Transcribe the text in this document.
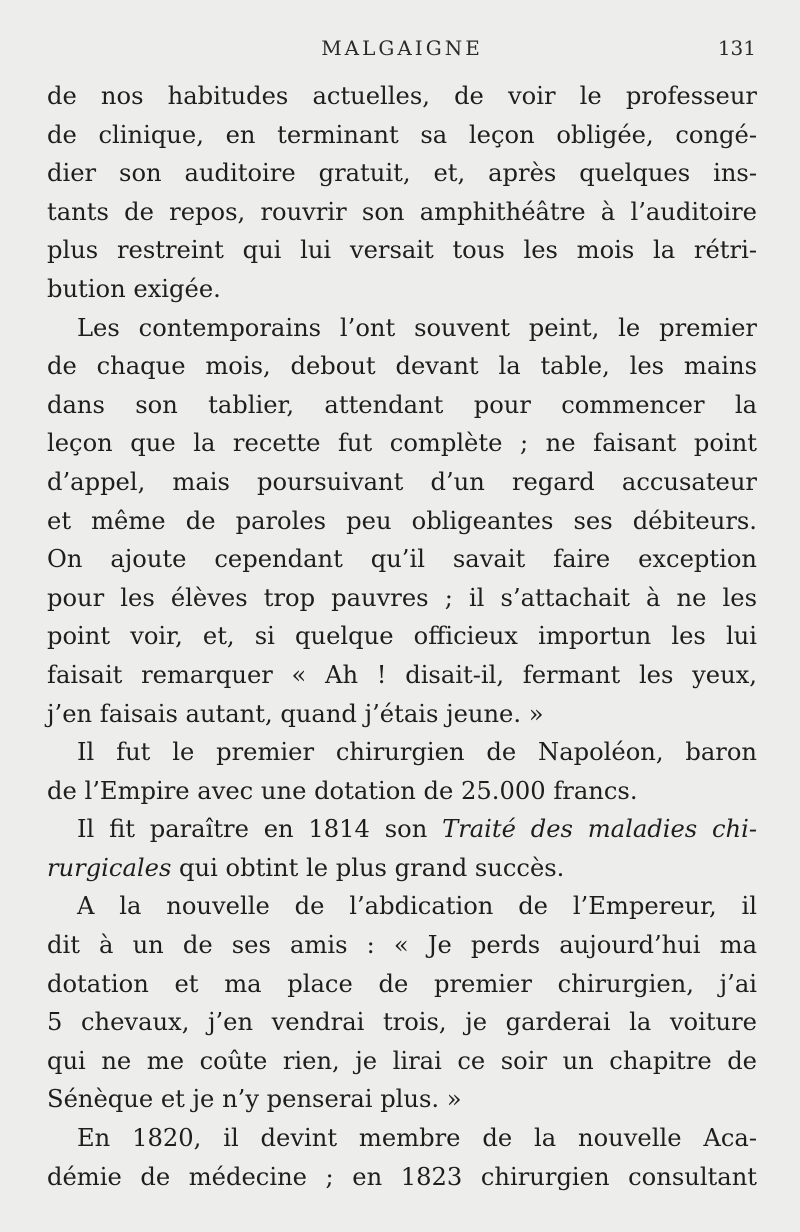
MALGAIGNE	131
de nos habitudes actuelles, de voir le professeur
de clinique, en terminant sa leçon obligée, congé-
dier son auditoire gratuit, et, après quelques ins-
tants de repos, rouvrir son amphithéâtre à l’auditoire
plus restreint qui lui versait tous les mois la rétri-
bution exigée.
Les contemporains l’ont souvent peint, le premier
de chaque mois, debout devant la table, les mains
dans son tablier, attendant pour commencer la
leçon que la recette fut complète ; ne faisant point
d’appel, mais poursuivant d’un regard accusateur
et même de paroles peu obligeantes ses débiteurs.
On ajoute cependant qu’il savait faire exception
pour les élèves trop pauvres ; il s’attachait à ne les
point voir, et, si quelque officieux importun les lui
faisait remarquer « Ah ! disait-il, fermant les yeux,
j’en faisais autant, quand j’étais jeune. »
Il fut le premier chirurgien de Napoléon, baron
de l’Empire avec une dotation de 25.000 francs.
Il fit paraître en 1814 son Traité des maladies chi-
rurgicales qui obtint le plus grand succès.
A la nouvelle de l’abdication de l’Empereur, il
dit à un de ses amis : « Je perds aujourd’hui ma
dotation et ma place de premier chirurgien, j’ai
5 chevaux, j’en vendrai trois, je garderai la voiture
qui ne me coûte rien, je lirai ce soir un chapitre de
Sénèque et je n’y penserai plus. »
En 1820, il devint membre de la nouvelle Aca-
démie de médecine ; en 1823 chirurgien consultant
